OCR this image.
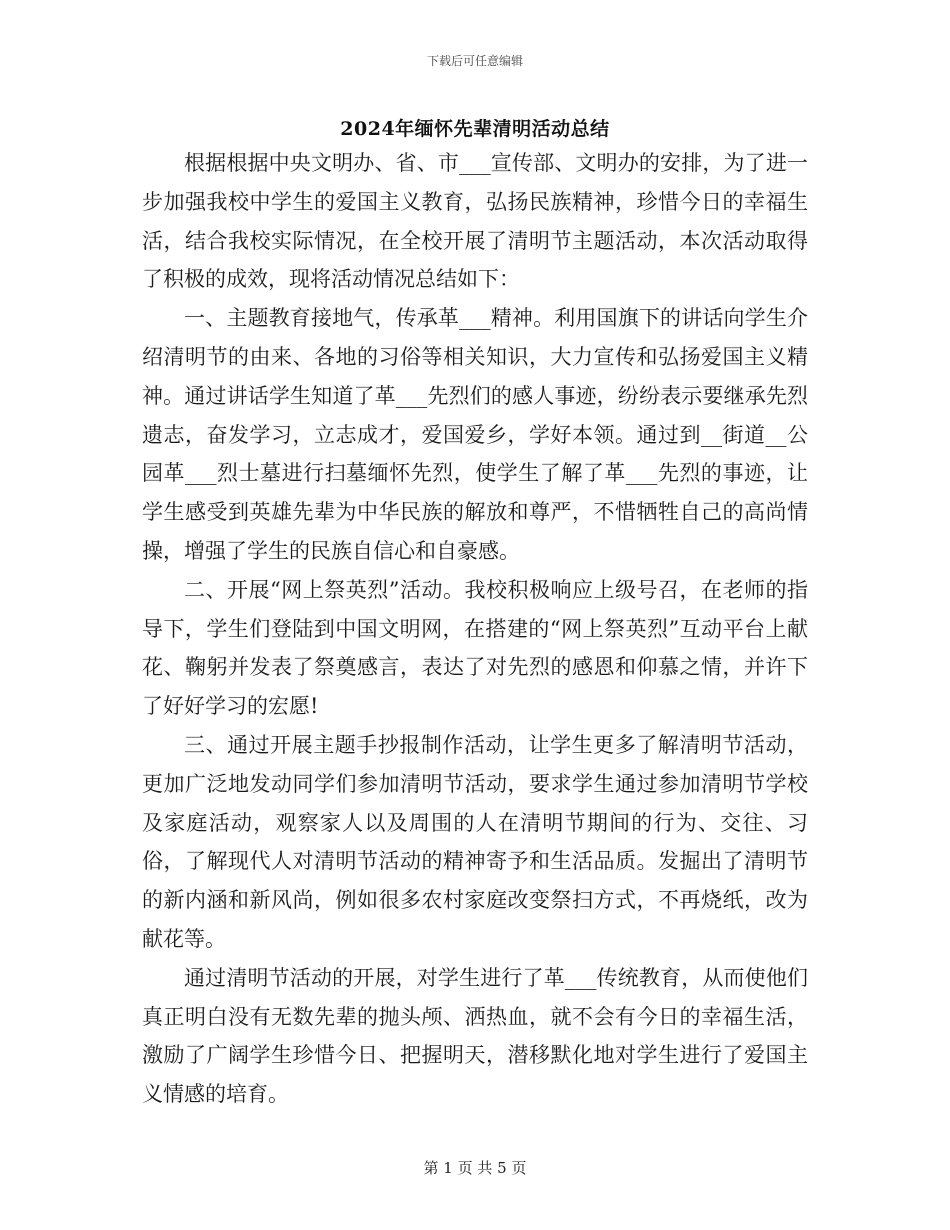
下载后可任意编辑
2024年缅怀先辈清明活动总结

根据根据中央文明办、省、市___宣传部、文明办的安排，为了进一步加强我校中学生的爱国主义教育，弘扬民族精神，珍惜今日的幸福生活，结合我校实际情况，在全校开展了清明节主题活动，本次活动取得了积极的成效，现将活动情况总结如下：

一、主题教育接地气，传承革___精神。利用国旗下的讲话向学生介绍清明节的由来、各地的习俗等相关知识，大力宣传和弘扬爱国主义精神。通过讲话学生知道了革___先烈们的感人事迹，纷纷表示要继承先烈遗志，奋发学习，立志成才，爱国爱乡，学好本领。通过到__街道__公园革___烈士墓进行扫墓缅怀先烈，使学生了解了革___先烈的事迹，让学生感受到英雄先辈为中华民族的解放和尊严，不惜牺牲自己的高尚情操，增强了学生的民族自信心和自豪感。

二、开展“网上祭英烈”活动。我校积极响应上级号召，在老师的指导下，学生们登陆到中国文明网，在搭建的“网上祭英烈”互动平台上献花、鞠躬并发表了祭奠感言，表达了对先烈的感恩和仰慕之情，并许下了好好学习的宏愿!

三、通过开展主题手抄报制作活动，让学生更多了解清明节活动，更加广泛地发动同学们参加清明节活动，要求学生通过参加清明节学校及家庭活动，观察家人以及周围的人在清明节期间的行为、交往、习俗，了解现代人对清明节活动的精神寄予和生活品质。发掘出了清明节的新内涵和新风尚，例如很多农村家庭改变祭扫方式，不再烧纸，改为献花等。

通过清明节活动的开展，对学生进行了革___传统教育，从而使他们真正明白没有无数先辈的抛头颅、洒热血，就不会有今日的幸福生活，激励了广阔学生珍惜今日、把握明天，潜移默化地对学生进行了爱国主义情感的培育。

第 1 页 共 5 页
